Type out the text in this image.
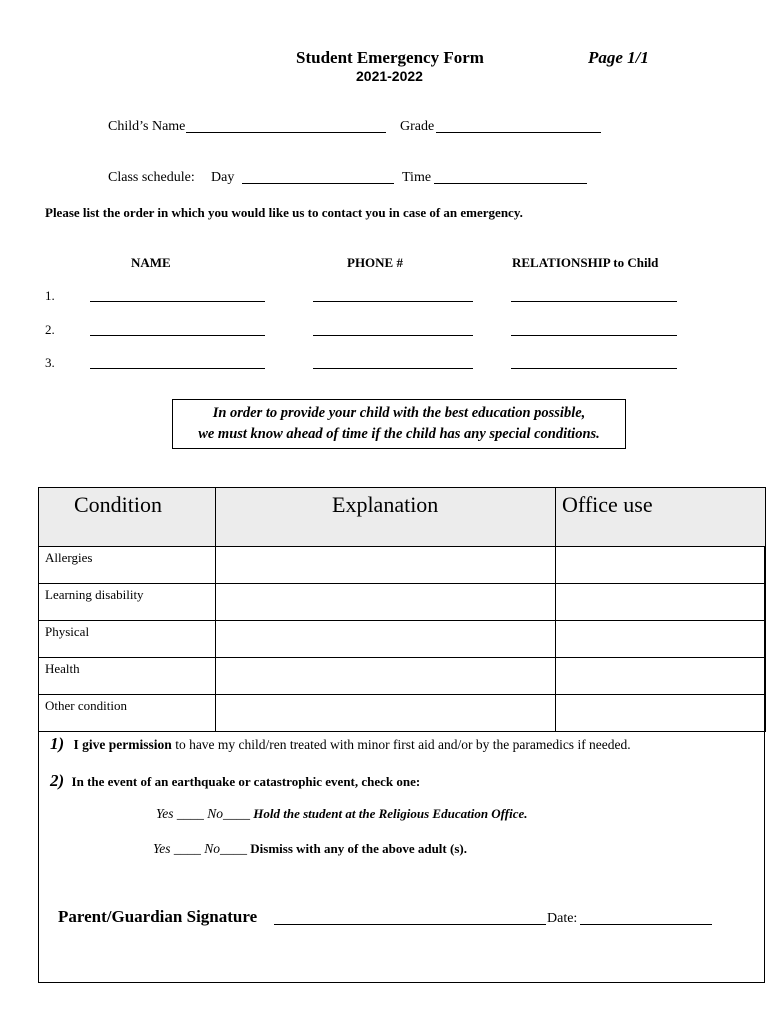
Student Emergency Form
2021-2022
Page 1/1
Child’s Name	Grade
Class schedule: Day	Time
Please list the order in which you would like us to contact you in case of an emergency.
NAME	PHONE #	RELATIONSHIP to Child
1.
2.
3.
In order to provide your child with the best education possible,
we must know ahead of time if the child has any special conditions.
Condition	Explanation	Office use
Allergies		
Learning disability		
Physical		
Health		
Other condition		
1) I give permission to have my child/ren treated with minor first aid and/or by the paramedics if needed.
2) In the event of an earthquake or catastrophic event, check one:
Yes ____ No____ Hold the student at the Religious Education Office.
Yes ____ No____ Dismiss with any of the above adult (s).
Parent/Guardian Signature	Date:
